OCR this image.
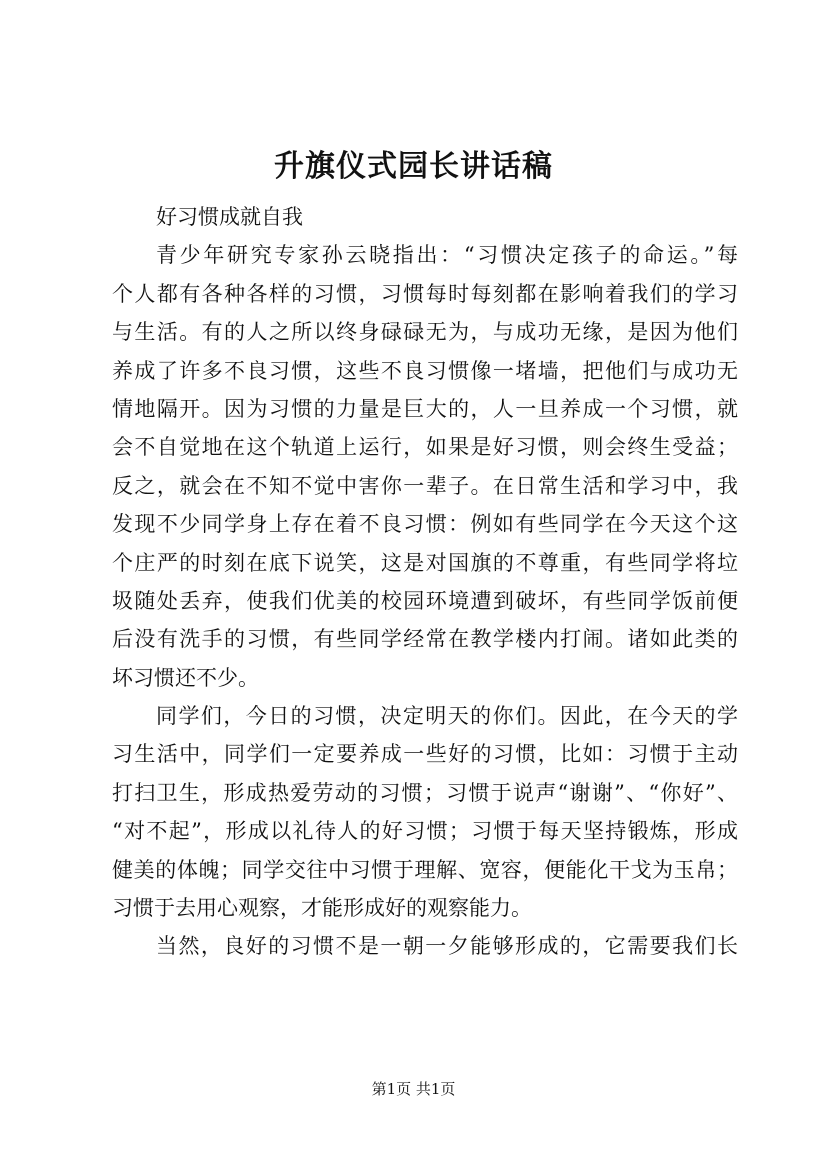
升旗仪式园长讲话稿
好习惯成就自我
青少年研究专家孙云晓指出：“习惯决定孩子的命运。”每
个人都有各种各样的习惯，习惯每时每刻都在影响着我们的学习
与生活。有的人之所以终身碌碌无为，与成功无缘，是因为他们
养成了许多不良习惯，这些不良习惯像一堵墙，把他们与成功无
情地隔开。因为习惯的力量是巨大的，人一旦养成一个习惯，就
会不自觉地在这个轨道上运行，如果是好习惯，则会终生受益；
反之，就会在不知不觉中害你一辈子。在日常生活和学习中，我
发现不少同学身上存在着不良习惯：例如有些同学在今天这个这
个庄严的时刻在底下说笑，这是对国旗的不尊重，有些同学将垃
圾随处丢弃，使我们优美的校园环境遭到破坏，有些同学饭前便
后没有洗手的习惯，有些同学经常在教学楼内打闹。诸如此类的
坏习惯还不少。
同学们，今日的习惯，决定明天的你们。因此，在今天的学
习生活中，同学们一定要养成一些好的习惯，比如：习惯于主动
打扫卫生，形成热爱劳动的习惯；习惯于说声“谢谢”、“你好”、
“对不起”，形成以礼待人的好习惯；习惯于每天坚持锻炼，形成
健美的体魄；同学交往中习惯于理解、宽容，便能化干戈为玉帛；
习惯于去用心观察，才能形成好的观察能力。
当然，良好的习惯不是一朝一夕能够形成的，它需要我们长
第1页 共1页
